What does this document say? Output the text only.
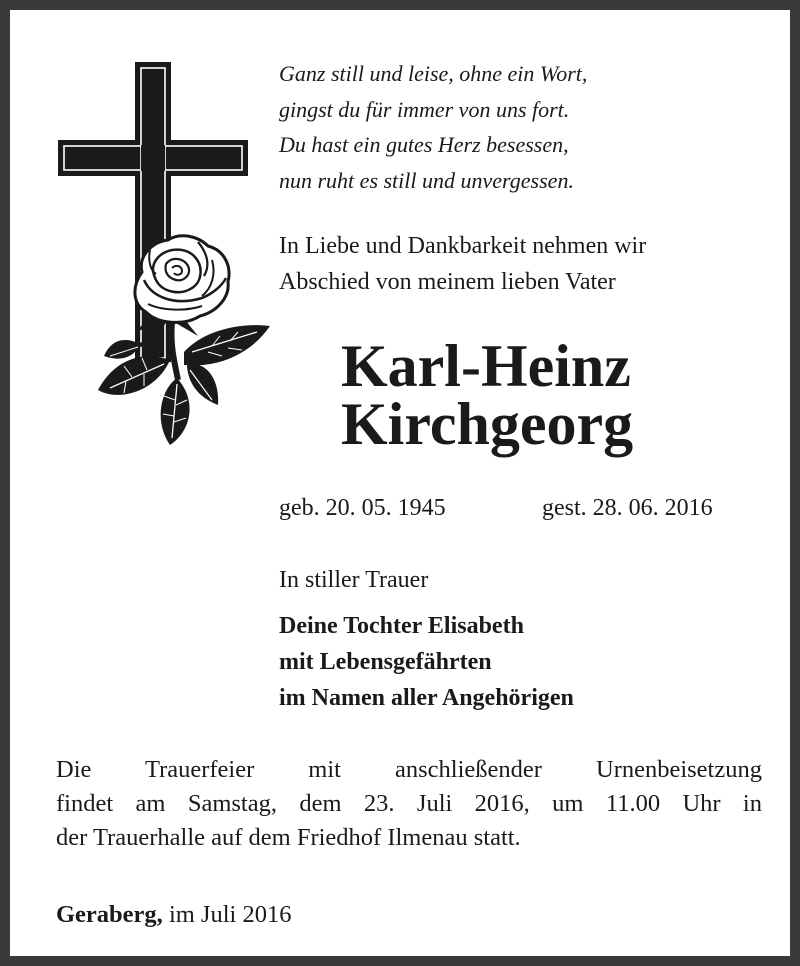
Ganz still und leise, ohne ein Wort,
gingst du für immer von uns fort.
Du hast ein gutes Herz besessen,
nun ruht es still und unvergessen.
In Liebe und Dankbarkeit nehmen wir
Abschied von meinem lieben Vater
Karl-Heinz
Kirchgeorg
geb. 20. 05. 1945	gest. 28. 06. 2016
In stiller Trauer
Deine Tochter Elisabeth
mit Lebensgefährten
im Namen aller Angehörigen
Die Trauerfeier mit anschließender Urnenbeisetzung
findet am Samstag, dem 23. Juli 2016, um 11.00 Uhr in
der Trauerhalle auf dem Friedhof Ilmenau statt.
Geraberg, im Juli 2016
